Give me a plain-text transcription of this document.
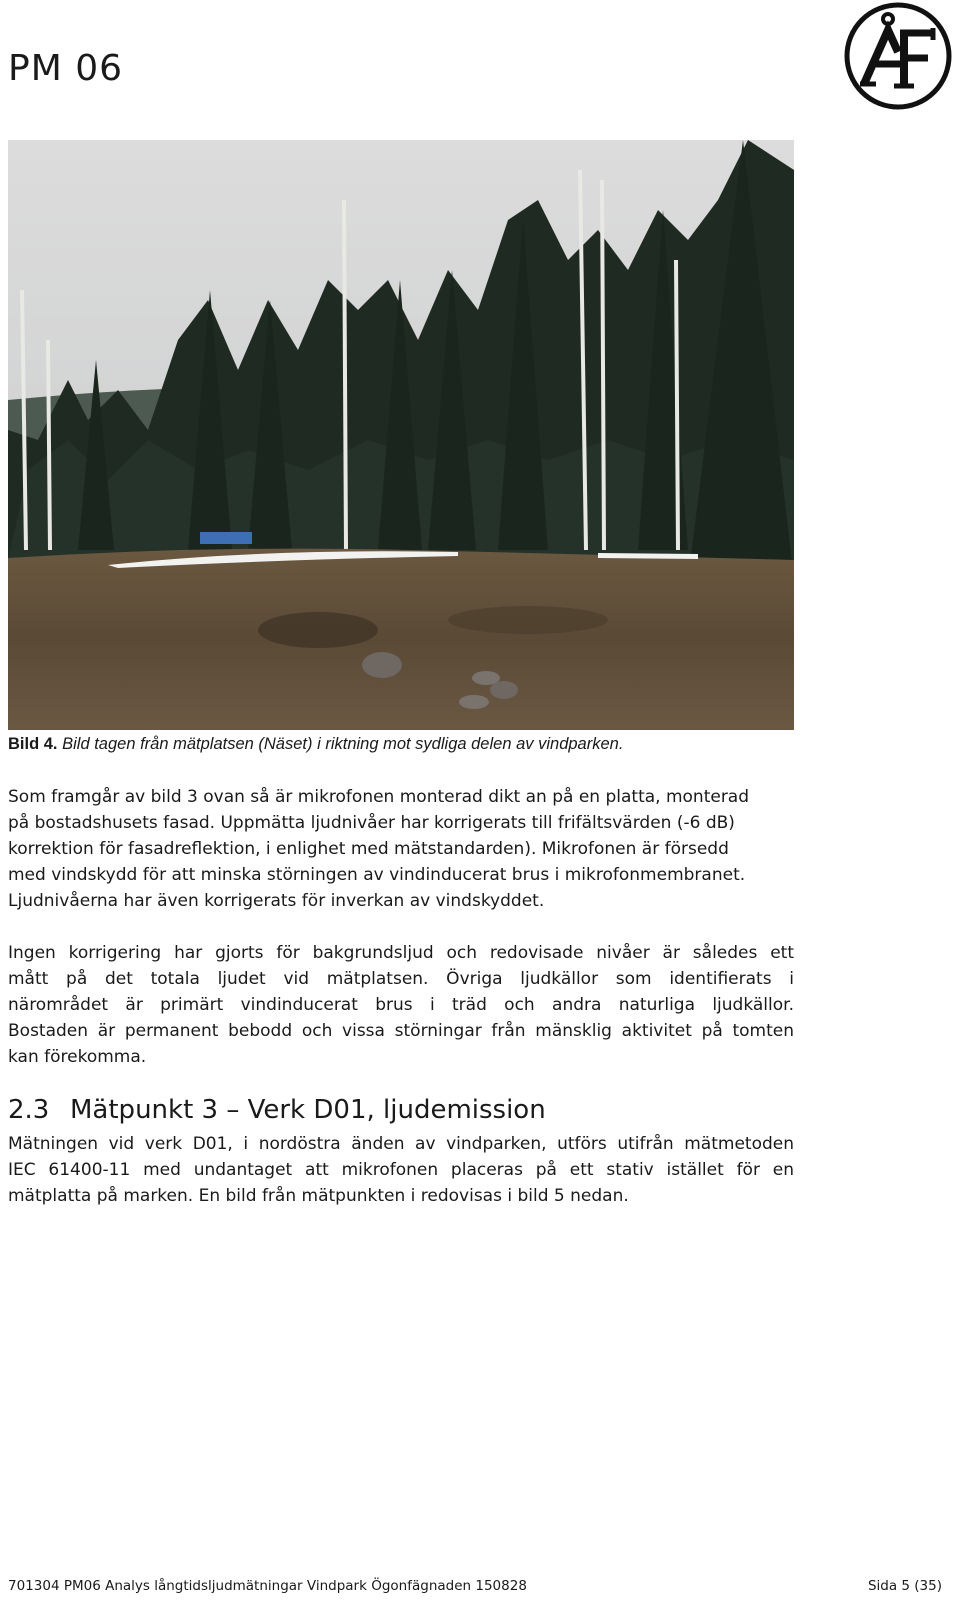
PM 06
Bild 4. Bild tagen från mätplatsen (Näset) i riktning mot sydliga delen av vindparken.
Som framgår av bild 3 ovan så är mikrofonen monterad dikt an på en platta, monterad
på bostadshusets fasad. Uppmätta ljudnivåer har korrigerats till frifältsvärden (-6 dB)
korrektion för fasadreflektion, i enlighet med mätstandarden). Mikrofonen är försedd
med vindskydd för att minska störningen av vindinducerat brus i mikrofonmembranet.
Ljudnivåerna har även korrigerats för inverkan av vindskyddet.
Ingen korrigering har gjorts för bakgrundsljud och redovisade nivåer är således ett
mått på det totala ljudet vid mätplatsen. Övriga ljudkällor som identifierats i
närområdet är primärt vindinducerat brus i träd och andra naturliga ljudkällor.
Bostaden är permanent bebodd och vissa störningar från mänsklig aktivitet på tomten
kan förekomma.
2.3 Mätpunkt 3 – Verk D01, ljudemission
Mätningen vid verk D01, i nordöstra änden av vindparken, utförs utifrån mätmetoden
IEC 61400-11 med undantaget att mikrofonen placeras på ett stativ istället för en
mätplatta på marken. En bild från mätpunkten i redovisas i bild 5 nedan.
701304 PM06 Analys långtidsljudmätningar Vindpark Ögonfägnaden 150828	Sida 5 (35)
